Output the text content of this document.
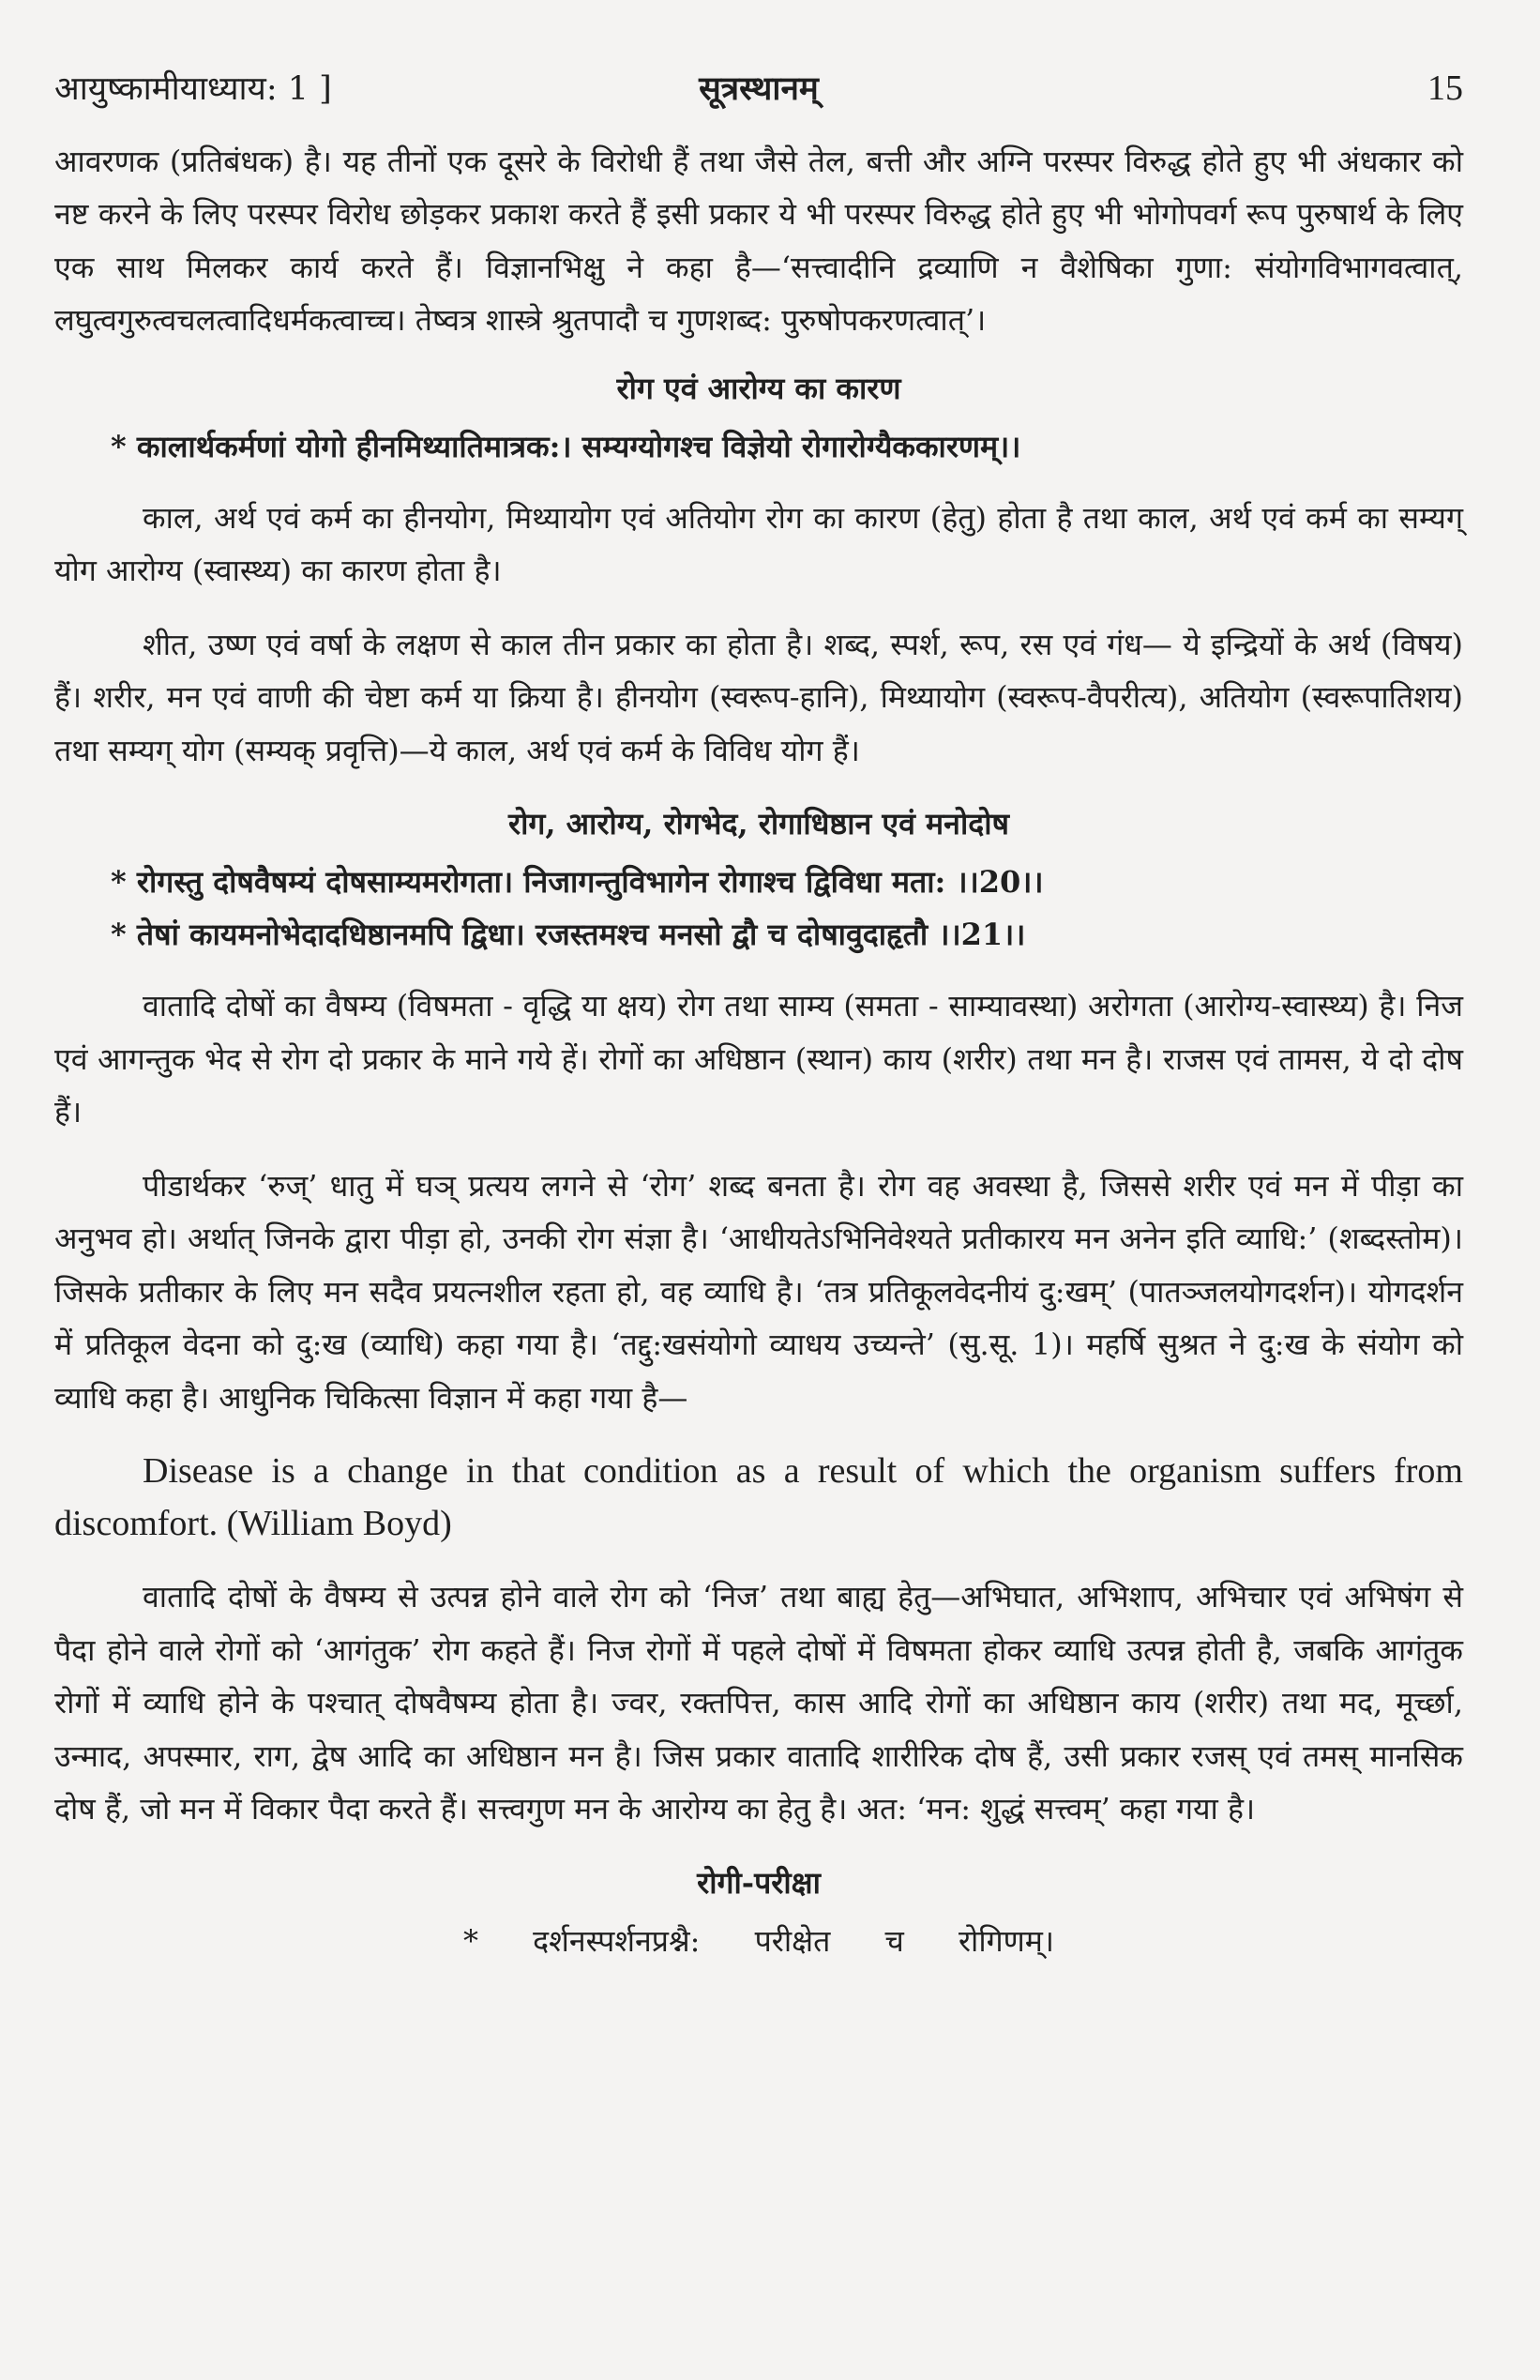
आयुष्कामीयाध्याय: 1 ]	सूत्रस्थानम्	15

आवरणक (प्रतिबंधक) है। यह तीनों एक दूसरे के विरोधी हैं तथा जैसे तेल, बत्ती और अग्नि परस्पर विरुद्ध होते हुए भी अंधकार को नष्ट करने के लिए परस्पर विरोध छोड़कर प्रकाश करते हैं इसी प्रकार ये भी परस्पर विरुद्ध होते हुए भी भोगोपवर्ग रूप पुरुषार्थ के लिए एक साथ मिलकर कार्य करते हैं। विज्ञानभिक्षु ने कहा है—‘सत्त्वादीनि द्रव्याणि न वैशेषिका गुणा: संयोगविभागवत्वात्, लघुत्वगुरुत्वचलत्वादिधर्मकत्वाच्च। तेष्वत्र शास्त्रे श्रुतपादौ च गुणशब्द: पुरुषोपकरणत्वात्’।

रोग एवं आरोग्य का कारण
* कालार्थकर्मणां योगो हीनमिथ्यातिमात्रक:। सम्यग्योगश्च विज्ञेयो रोगारोग्यैककारणम्।।

काल, अर्थ एवं कर्म का हीनयोग, मिथ्यायोग एवं अतियोग रोग का कारण (हेतु) होता है तथा काल, अर्थ एवं कर्म का सम्यग् योग आरोग्य (स्वास्थ्य) का कारण होता है।

शीत, उष्ण एवं वर्षा के लक्षण से काल तीन प्रकार का होता है। शब्द, स्पर्श, रूप, रस एवं गंध— ये इन्द्रियों के अर्थ (विषय) हैं। शरीर, मन एवं वाणी की चेष्टा कर्म या क्रिया है। हीनयोग (स्वरूप-हानि), मिथ्यायोग (स्वरूप-वैपरीत्य), अतियोग (स्वरूपातिशय) तथा सम्यग् योग (सम्यक् प्रवृत्ति)—ये काल, अर्थ एवं कर्म के विविध योग हैं।

रोग, आरोग्य, रोगभेद, रोगाधिष्ठान एवं मनोदोष
* रोगस्तु दोषवैषम्यं दोषसाम्यमरोगता। निजागन्तुविभागेन रोगाश्च द्विविधा मता: ।।20।।
* तेषां कायमनोभेदादधिष्ठानमपि द्विधा। रजस्तमश्च मनसो द्वौ च दोषावुदाहृतौ ।।21।।

वातादि दोषों का वैषम्य (विषमता - वृद्धि या क्षय) रोग तथा साम्य (समता - साम्यावस्था) अरोगता (आरोग्य-स्वास्थ्य) है। निज एवं आगन्तुक भेद से रोग दो प्रकार के माने गये हें। रोगों का अधिष्ठान (स्थान) काय (शरीर) तथा मन है। राजस एवं तामस, ये दो दोष हैं।

पीडार्थकर ‘रुज्’ धातु में घञ् प्रत्यय लगने से ‘रोग’ शब्द बनता है। रोग वह अवस्था है, जिससे शरीर एवं मन में पीड़ा का अनुभव हो। अर्थात् जिनके द्वारा पीड़ा हो, उनकी रोग संज्ञा है। ‘आधीयतेऽभिनिवेश्यते प्रतीकारय मन अनेन इति व्याधि:’ (शब्दस्तोम)। जिसके प्रतीकार के लिए मन सदैव प्रयत्नशील रहता हो, वह व्याधि है। ‘तत्र प्रतिकूलवेदनीयं दु:खम्’ (पातञ्जलयोगदर्शन)। योगदर्शन में प्रतिकूल वेदना को दु:ख (व्याधि) कहा गया है। ‘तद्दु:खसंयोगो व्याधय उच्यन्ते’ (सु.सू. 1)। महर्षि सुश्रत ने दु:ख के संयोग को व्याधि कहा है। आधुनिक चिकित्सा विज्ञान में कहा गया है—

Disease is a change in that condition as a result of which the organism suffers from discomfort. (William Boyd)

वातादि दोषों के वैषम्य से उत्पन्न होने वाले रोग को ‘निज’ तथा बाह्य हेतु—अभिघात, अभिशाप, अभिचार एवं अभिषंग से पैदा होने वाले रोगों को ‘आगंतुक’ रोग कहते हैं। निज रोगों में पहले दोषों में विषमता होकर व्याधि उत्पन्न होती है, जबकि आगंतुक रोगों में व्याधि होने के पश्चात् दोषवैषम्य होता है। ज्वर, रक्तपित्त, कास आदि रोगों का अधिष्ठान काय (शरीर) तथा मद, मूर्च्छा, उन्माद, अपस्मार, राग, द्वेष आदि का अधिष्ठान मन है। जिस प्रकार वातादि शारीरिक दोष हैं, उसी प्रकार रजस् एवं तमस् मानसिक दोष हैं, जो मन में विकार पैदा करते हैं। सत्त्वगुण मन के आरोग्य का हेतु है। अत: ‘मन: शुद्धं सत्त्वम्’ कहा गया है।

रोगी-परीक्षा
* दर्शनस्पर्शनप्रश्नै: परीक्षेत च रोगिणम्।
